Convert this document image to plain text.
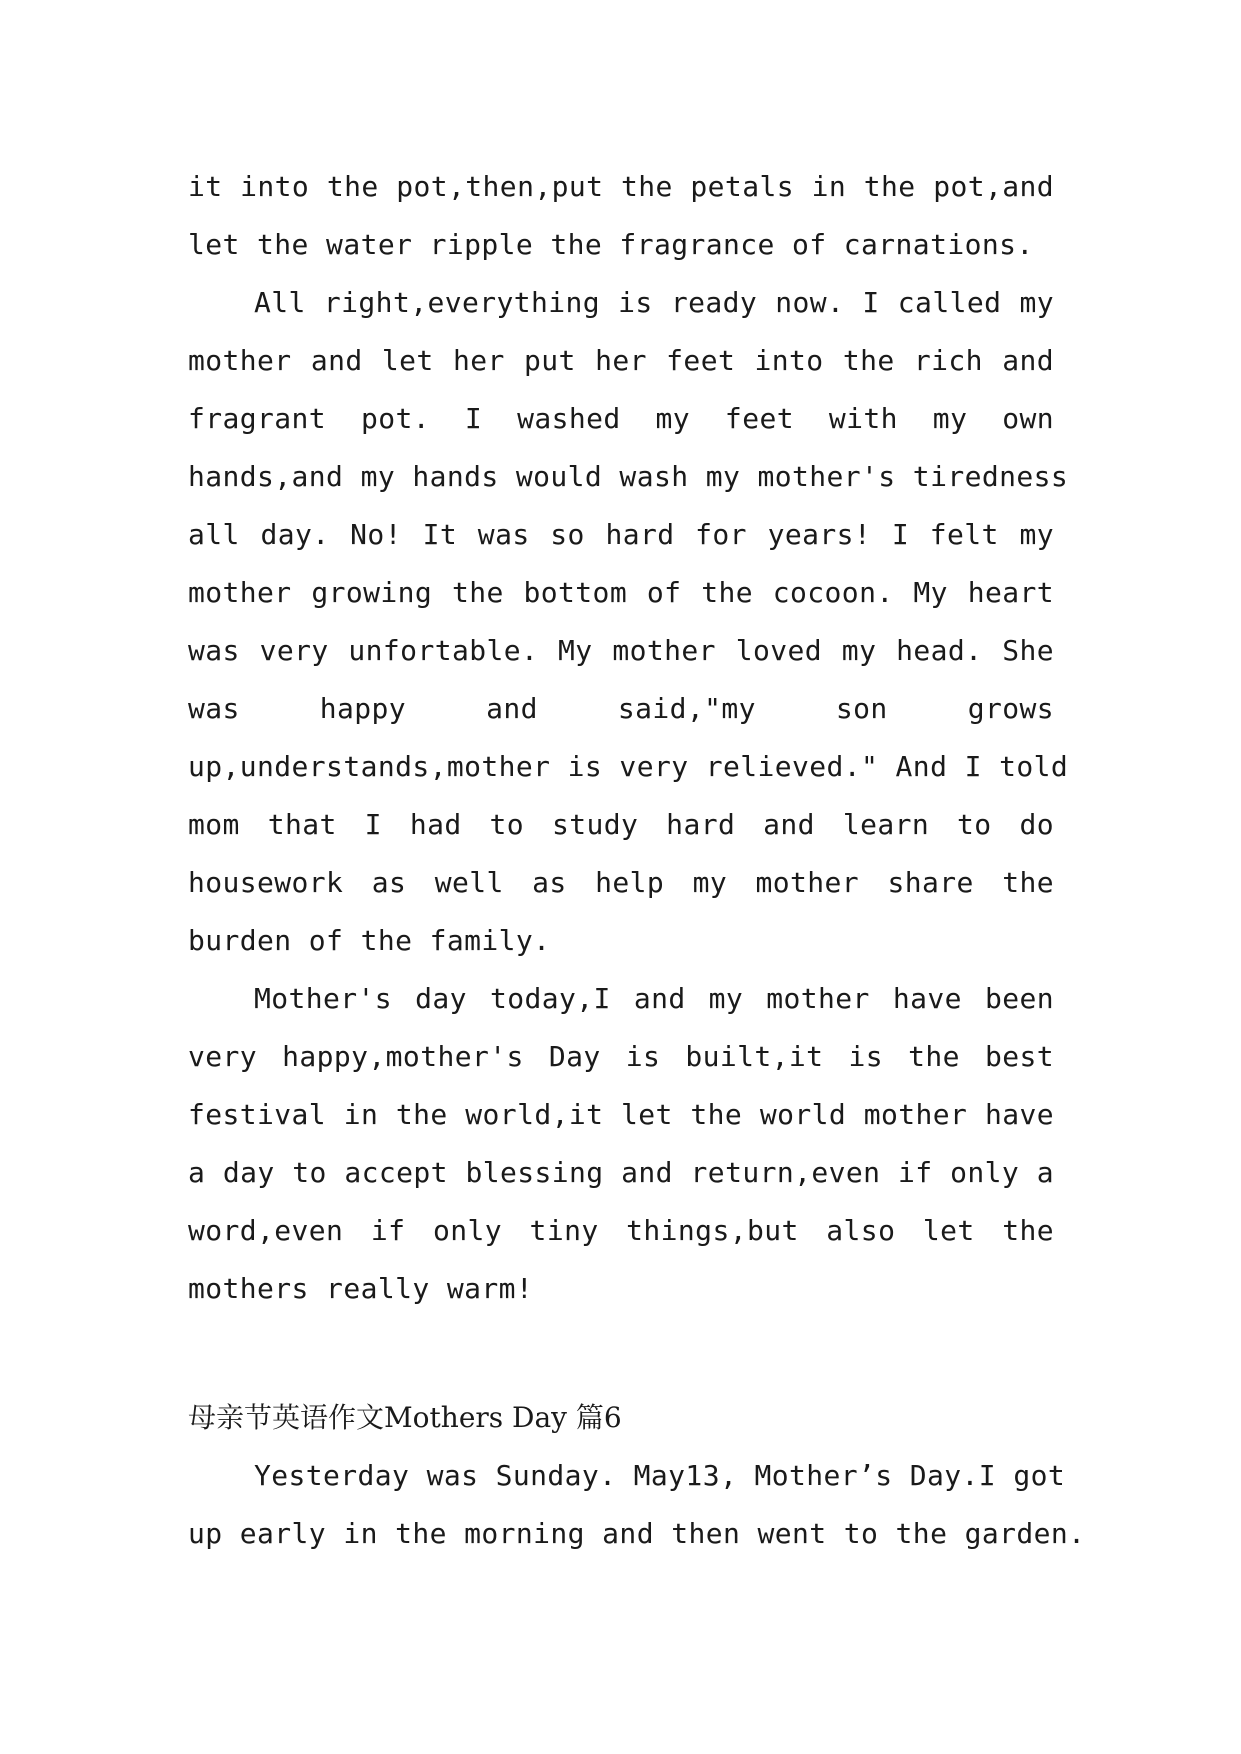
it into the pot,then,put the petals in the pot,and
let the water ripple the fragrance of carnations.
All right,everything is ready now. I called my
mother and let her put her feet into the rich and
fragrant pot. I washed my feet with my own
hands,and my hands would wash my mother's tiredness
all day. No! It was so hard for years! I felt my
mother growing the bottom of the cocoon. My heart
was very unfortable. My mother loved my head. She
was happy and said,"my son grows
up,understands,mother is very relieved." And I told
mom that I had to study hard and learn to do
housework as well as help my mother share the
burden of the family.
Mother's day today,I and my mother have been
very happy,mother's Day is built,it is the best
festival in the world,it let the world mother have
a day to accept blessing and return,even if only a
word,even if only tiny things,but also let the
mothers really warm!
母亲节英语作文Mothers Day 篇6
Yesterday was Sunday. May13, Mother’s Day.I got
up early in the morning and then went to the garden.
